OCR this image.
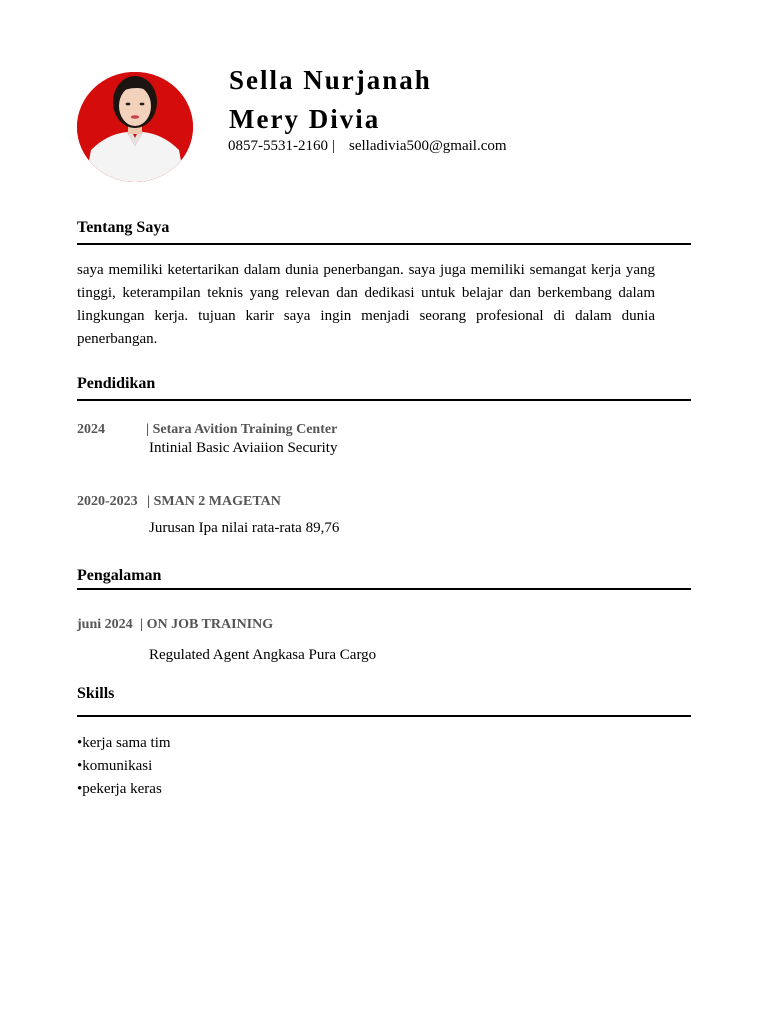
Sella Nurjanah
Mery Divia
0857-5531-2160 | selladivia500@gmail.com
Tentang Saya
saya memiliki ketertarikan dalam dunia penerbangan. saya juga memiliki semangat kerja yang tinggi, keterampilan teknis yang relevan dan dedikasi untuk belajar dan berkembang dalam lingkungan kerja. tujuan karir saya ingin menjadi seorang profesional di dalam dunia penerbangan.
Pendidikan
2024	| Setara Avition Training Center
Intinial Basic Aviaiion Security
2020-2023 | SMAN 2 MAGETAN
Jurusan Ipa nilai rata-rata 89,76
Pengalaman
juni 2024 | ON JOB TRAINING
Regulated Agent Angkasa Pura Cargo
Skills
•kerja sama tim
•komunikasi
•pekerja keras
